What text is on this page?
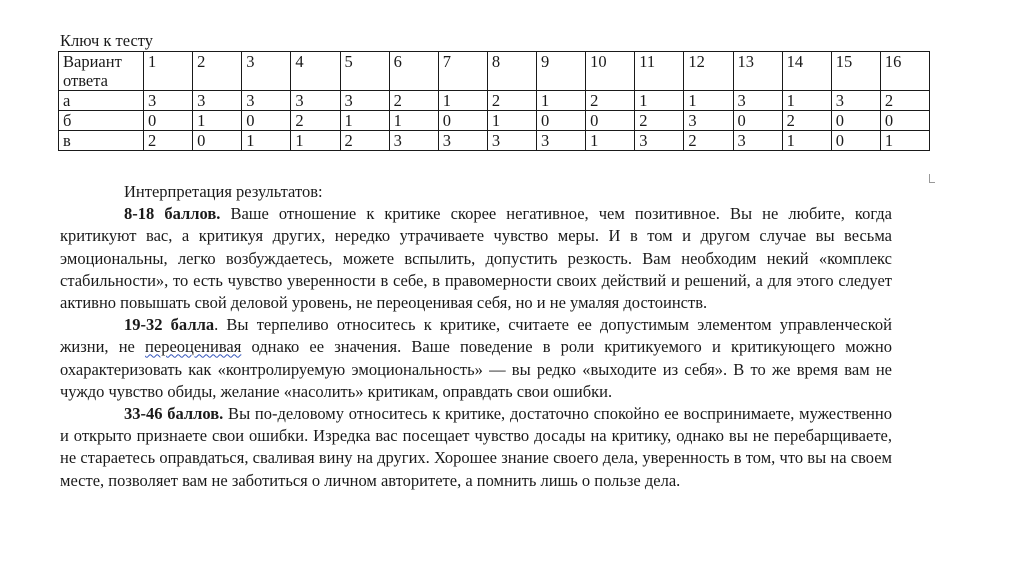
Ключ к тесту
Вариант ответа	1	2	3	4	5	6	7	8	9	10	11	12	13	14	15	16
а	3	3	3	3	3	2	1	2	1	2	1	1	3	1	3	2
б	0	1	0	2	1	1	0	1	0	0	2	3	0	2	0	0
в	2	0	1	1	2	3	3	3	3	1	3	2	3	1	0	1

Интерпретация результатов:

8-18 баллов. Ваше отношение к критике скорее негативное, чем позитивное. Вы не любите, когда критикуют вас, а критикуя других, нередко утрачиваете чувство меры. И в том и другом случае вы весьма эмоциональны, легко возбуждаетесь, можете вспылить, допустить резкость. Вам необходим некий «комплекс стабильности», то есть чувство уверенности в себе, в правомерности своих действий и решений, а для этого следует активно повышать свой деловой уровень, не переоценивая себя, но и не умаляя достоинств.

19-32 балла. Вы терпеливо относитесь к критике, считаете ее допустимым элементом управленческой жизни, не переоценивая однако ее значения. Ваше поведение в роли критикуемого и критикующего можно охарактеризовать как «контролируемую эмоциональность» — вы редко «выходите из себя». В то же время вам не чуждо чувство обиды, желание «насолить» критикам, оправдать свои ошибки.

33-46 баллов. Вы по-деловому относитесь к критике, достаточно спокойно ее воспринимаете, мужественно и открыто признаете свои ошибки. Изредка вас посещает чувство досады на критику, однако вы не перебарщиваете, не стараетесь оправдаться, сваливая вину на других. Хорошее знание своего дела, уверенность в том, что вы на своем месте, позволяет вам не заботиться о личном авторитете, а помнить лишь о пользе дела.
